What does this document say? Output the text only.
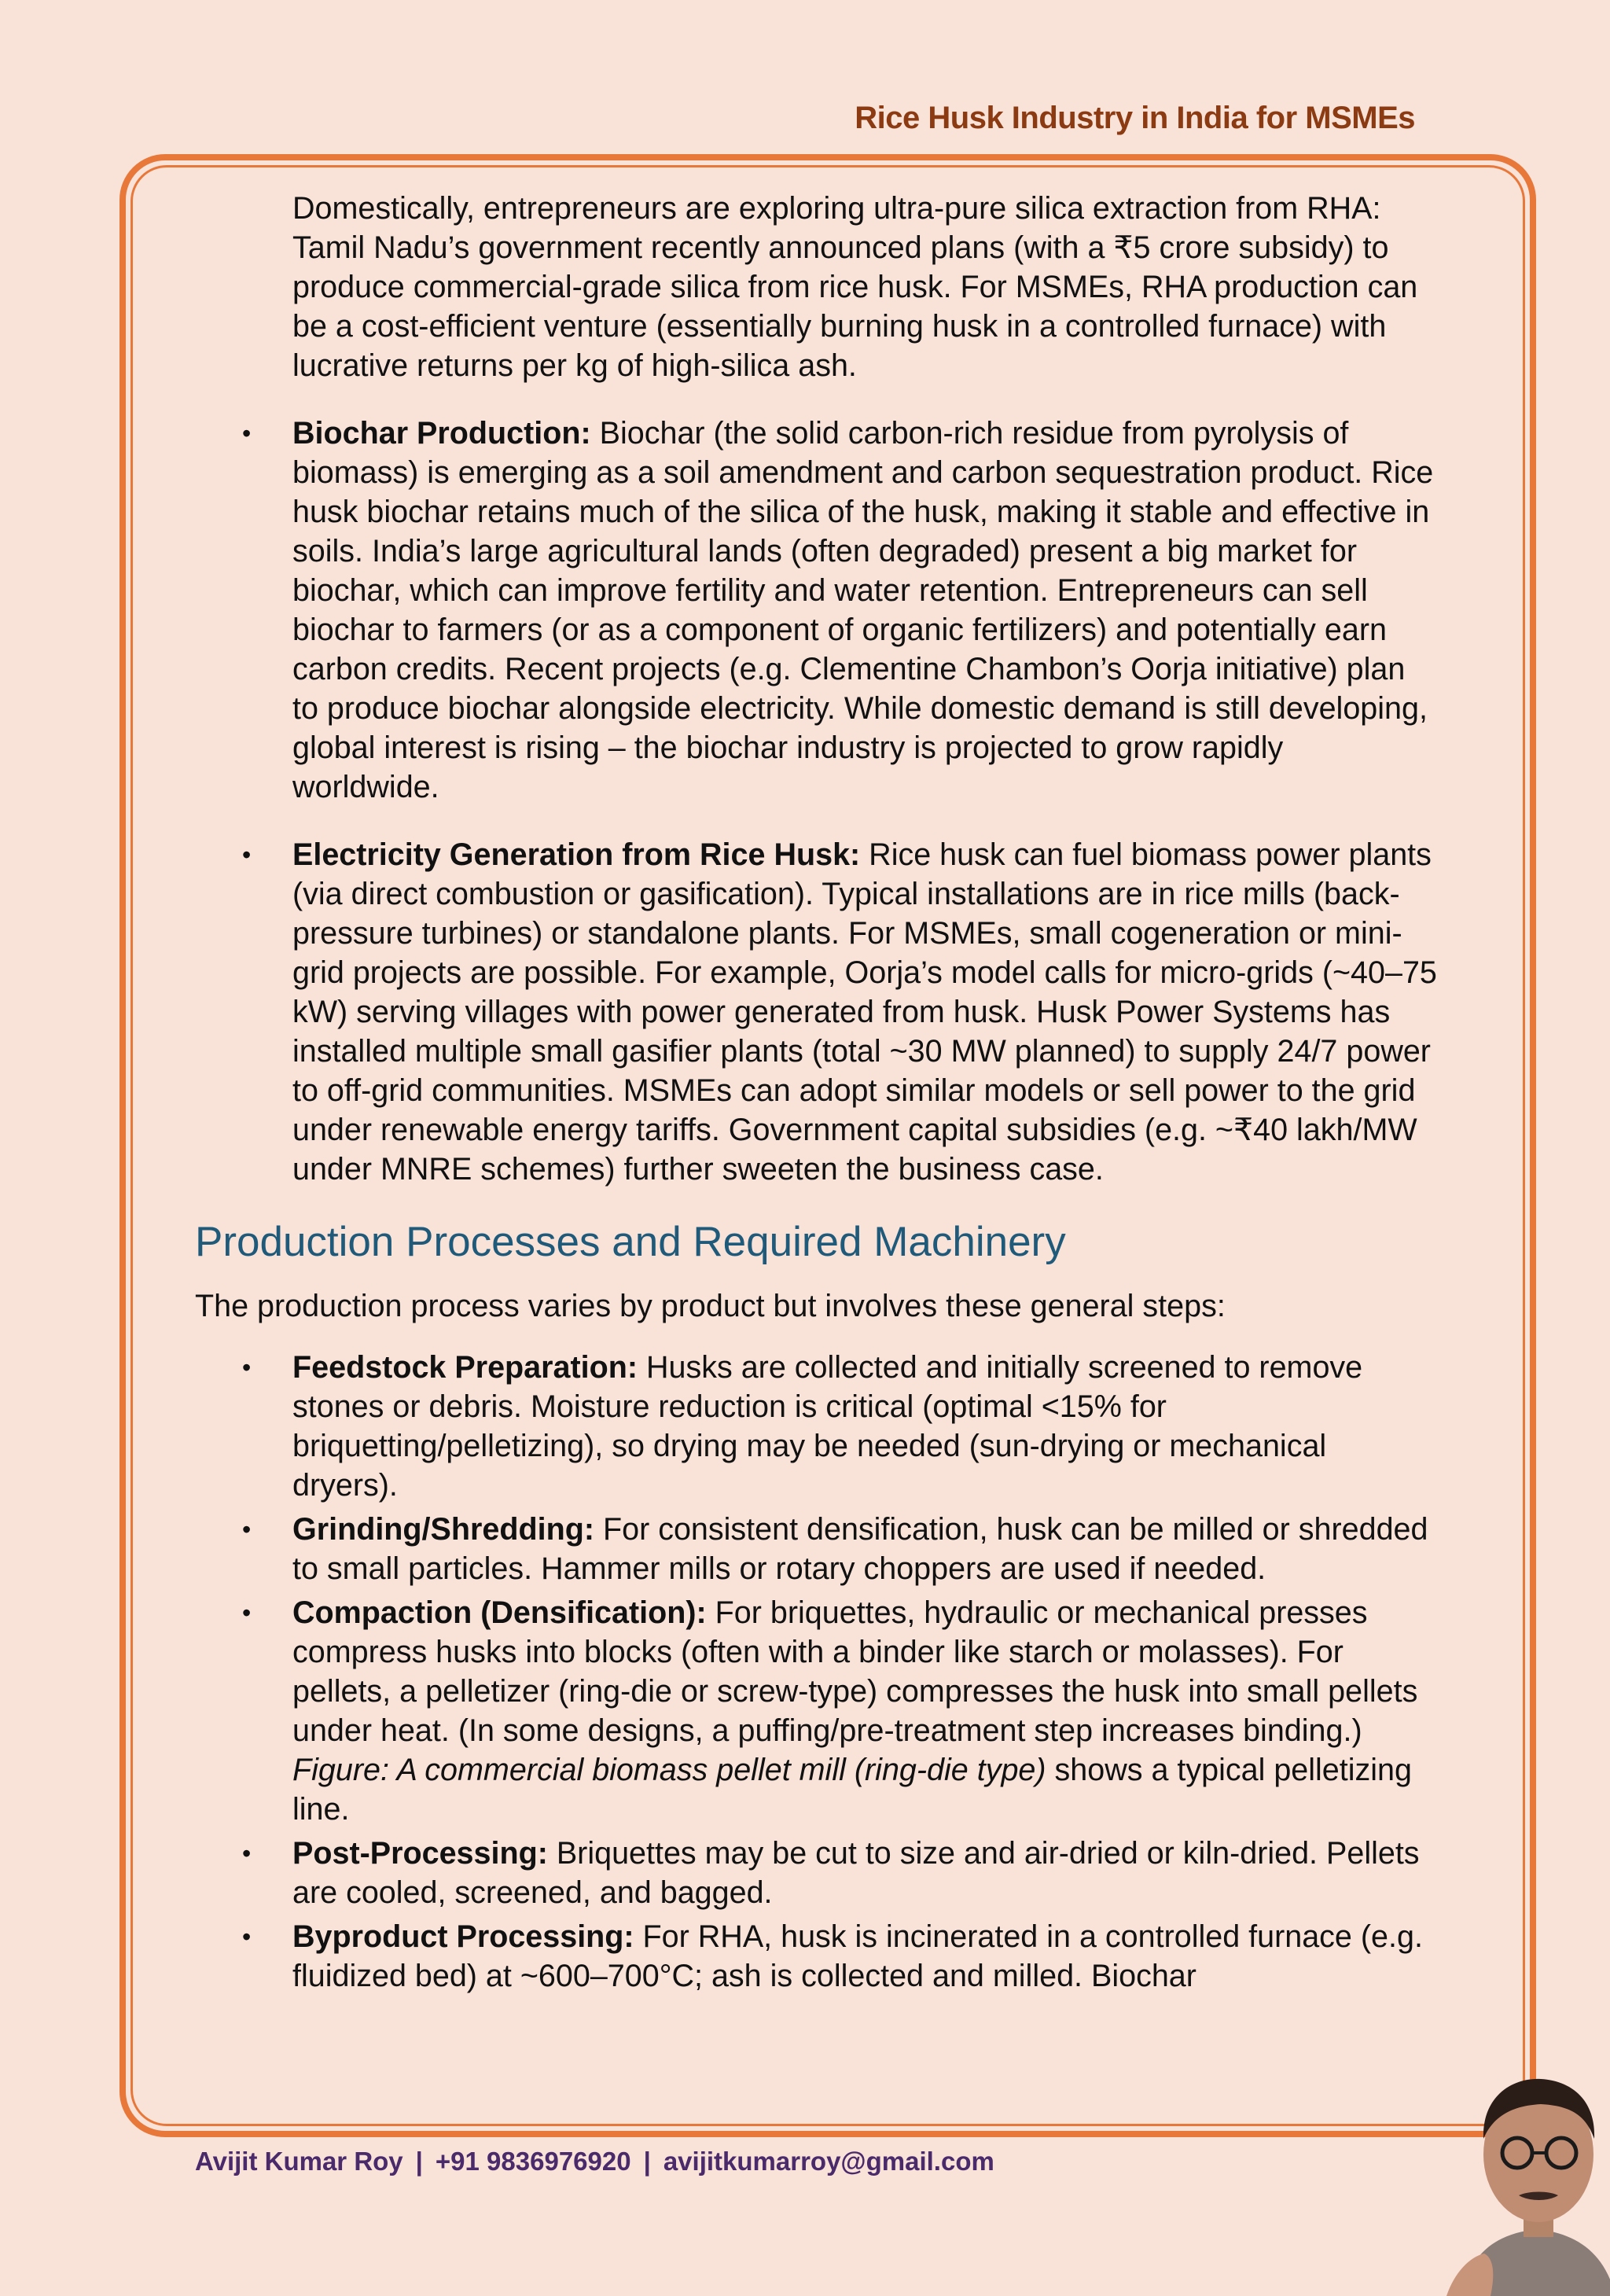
Rice Husk Industry in India for MSMEs

Domestically, entrepreneurs are exploring ultra-pure silica extraction from RHA: Tamil Nadu’s government recently announced plans (with a ₹5 crore subsidy) to produce commercial-grade silica from rice husk. For MSMEs, RHA production can be a cost-efficient venture (essentially burning husk in a controlled furnace) with lucrative returns per kg of high-silica ash.

• Biochar Production: Biochar (the solid carbon-rich residue from pyrolysis of biomass) is emerging as a soil amendment and carbon sequestration product. Rice husk biochar retains much of the silica of the husk, making it stable and effective in soils. India’s large agricultural lands (often degraded) present a big market for biochar, which can improve fertility and water retention. Entrepreneurs can sell biochar to farmers (or as a component of organic fertilizers) and potentially earn carbon credits. Recent projects (e.g. Clementine Chambon’s Oorja initiative) plan to produce biochar alongside electricity. While domestic demand is still developing, global interest is rising – the biochar industry is projected to grow rapidly worldwide.
• Electricity Generation from Rice Husk: Rice husk can fuel biomass power plants (via direct combustion or gasification). Typical installations are in rice mills (back-pressure turbines) or standalone plants. For MSMEs, small cogeneration or mini-grid projects are possible. For example, Oorja’s model calls for micro-grids (~40–75 kW) serving villages with power generated from husk. Husk Power Systems has installed multiple small gasifier plants (total ~30 MW planned) to supply 24/7 power to off-grid communities. MSMEs can adopt similar models or sell power to the grid under renewable energy tariffs. Government capital subsidies (e.g. ~₹40 lakh/MW under MNRE schemes) further sweeten the business case.
Production Processes and Required Machinery

The production process varies by product but involves these general steps:

• Feedstock Preparation: Husks are collected and initially screened to remove stones or debris. Moisture reduction is critical (optimal <15% for briquetting/pelletizing), so drying may be needed (sun-drying or mechanical dryers).
• Grinding/Shredding: For consistent densification, husk can be milled or shredded to small particles. Hammer mills or rotary choppers are used if needed.
• Compaction (Densification): For briquettes, hydraulic or mechanical presses compress husks into blocks (often with a binder like starch or molasses). For pellets, a pelletizer (ring-die or screw-type) compresses the husk into small pellets under heat. (In some designs, a puffing/pre-treatment step increases binding.) Figure: A commercial biomass pellet mill (ring-die type) shows a typical pelletizing line.
• Post-Processing: Briquettes may be cut to size and air-dried or kiln-dried. Pellets are cooled, screened, and bagged.
• Byproduct Processing: For RHA, husk is incinerated in a controlled furnace (e.g. fluidized bed) at ~600–700°C; ash is collected and milled. Biochar
Avijit Kumar Roy | +91 9836976920 | avijitkumarroy@gmail.com
